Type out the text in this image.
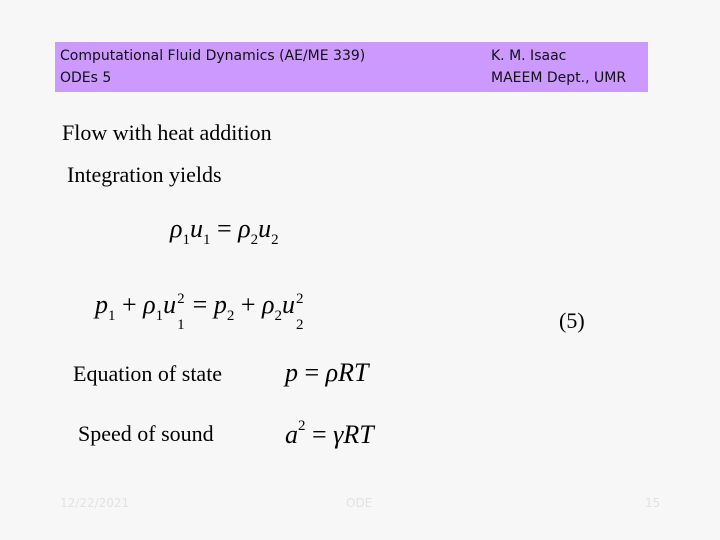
Computational Fluid Dynamics (AE/ME 339)
ODEs 5
K. M. Isaac
MAEEM Dept., UMR
Flow with heat addition
Integration yields
$\rho_1u_1 = \rho_2u_2$
$p_1 + \rho_1u$ 2
1
= $p_2 + \rho_2u$ 2
2	(5)
Equation of state p = ρRT
Speed of sound	$a^2 = \gamma RT$
12/22/2021	ODE	15
